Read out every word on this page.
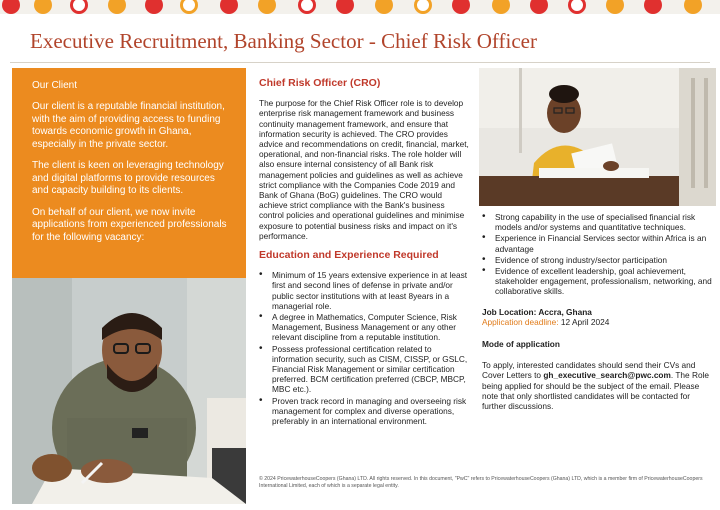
Executive Recruitment, Banking Sector - Chief Risk Officer
Our Client

Our client is a reputable financial institution, with the aim of providing access to funding towards economic growth in Ghana, especially in the private sector.

The client is keen on leveraging technology and digital platforms to provide resources and capacity building to its clients.

On behalf of our client, we now invite applications from experienced professionals for the following vacancy:

Chief Risk Officer (CRO)
The purpose for the Chief Risk Officer role is to develop enterprise risk management framework and business continuity management framework, and ensure that information security is achieved. The CRO provides advice and recommendations on credit, financial, market, operational, and non-financial risks. The role holder will also ensure internal consistency of all Bank risk management policies and guidelines as well as achieve strict compliance with the Companies Code 2019 and Bank of Ghana (BoG) guidelines. The CRO would achieve strict compliance with the Bank's business control policies and operational guidelines and minimise exposure to potential business risks and impact on it's performance.
Education and Experience Required
• Minimum of 15 years extensive experience in at least first and second lines of defense in private and/or public sector institutions with at least 8years in a managerial role.
• A degree in Mathematics, Computer Science, Risk Management, Business Management or any other relevant discipline from a reputable institution.
• Possess professional certification related to information security, such as CISM, CISSP, or GSLC, Financial Risk Management or similar certification preferred. BCM certification preferred (CBCP, MBCP, MBC etc.).
• Proven track record in managing and overseeing risk management for complex and diverse operations, preferably in an international environment.
• Strong capability in the use of specialised financial risk models and/or systems and quantitative techniques.
• Experience in Financial Services sector within Africa is an advantage
• Evidence of strong industry/sector participation
• Evidence of excellent leadership, goal achievement, stakeholder engagement, professionalism, networking, and collaborative skills.
Job Location: Accra, Ghana
Application deadline: 12 April 2024
Mode of application
To apply, interested candidates should send their CVs and Cover Letters to gh_executive_search@pwc.com. The Role being applied for should be the subject of the email. Please note that only shortlisted candidates will be contacted for further discussions.
© 2024 PricewaterhouseCoopers (Ghana) LTD. All rights reserved. In this document, "PwC" refers to PricewaterhouseCoopers (Ghana) LTD, which is a member firm of PricewaterhouseCoopers International Limited, each of which is a separate legal entity.
